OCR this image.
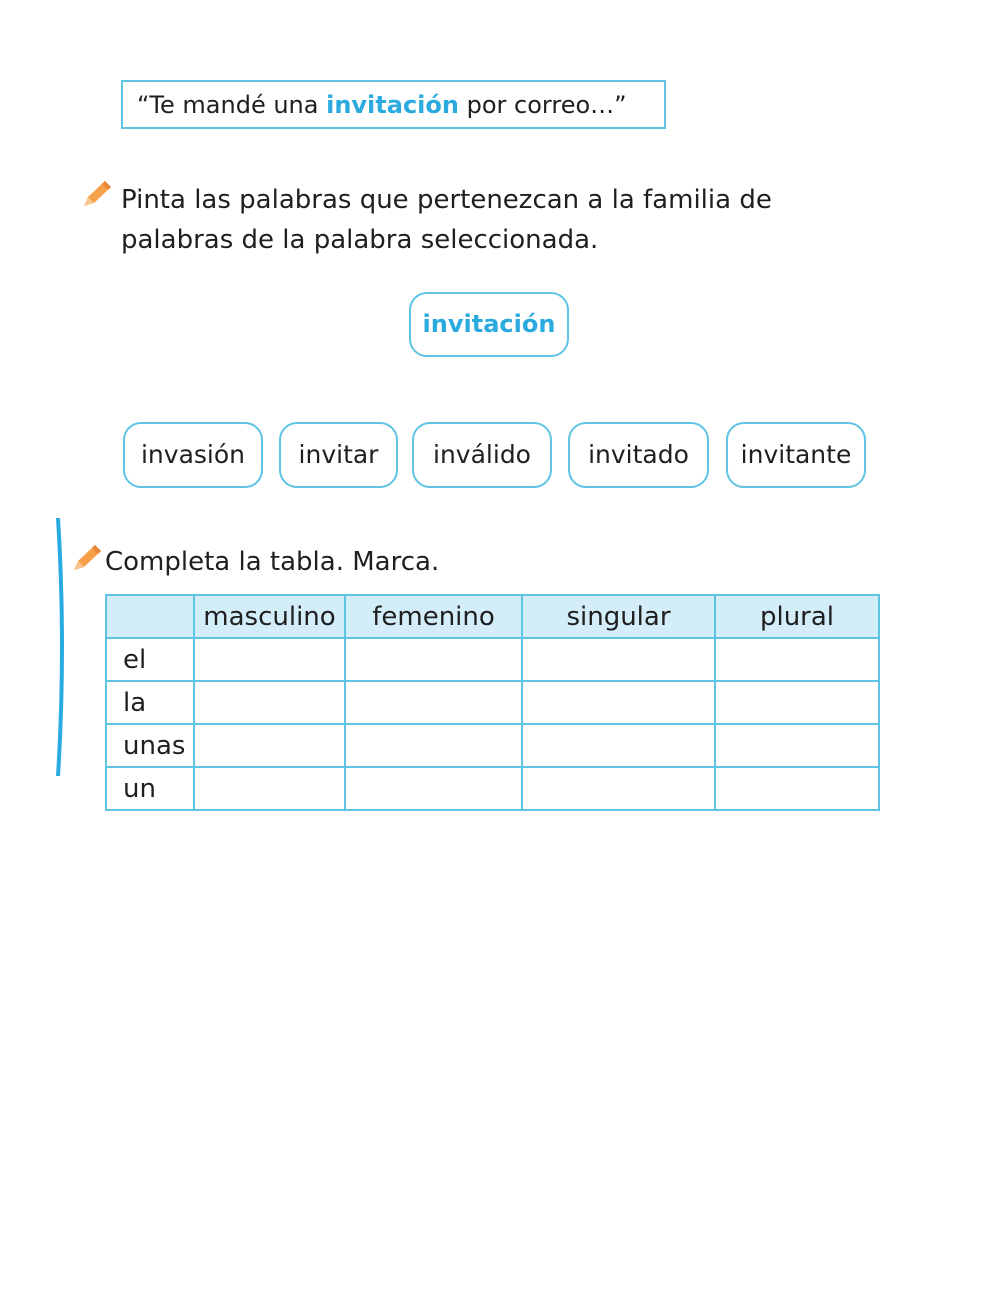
“Te mandé una invitación por correo…”
Pinta las palabras que pertenezcan a la familia de
palabras de la palabra seleccionada.
invitación
invasión	invitar	inválido	invitado	invitante
Completa la tabla. Marca.
	masculino	femenino	singular	plural
el				
la				
unas				
un				
